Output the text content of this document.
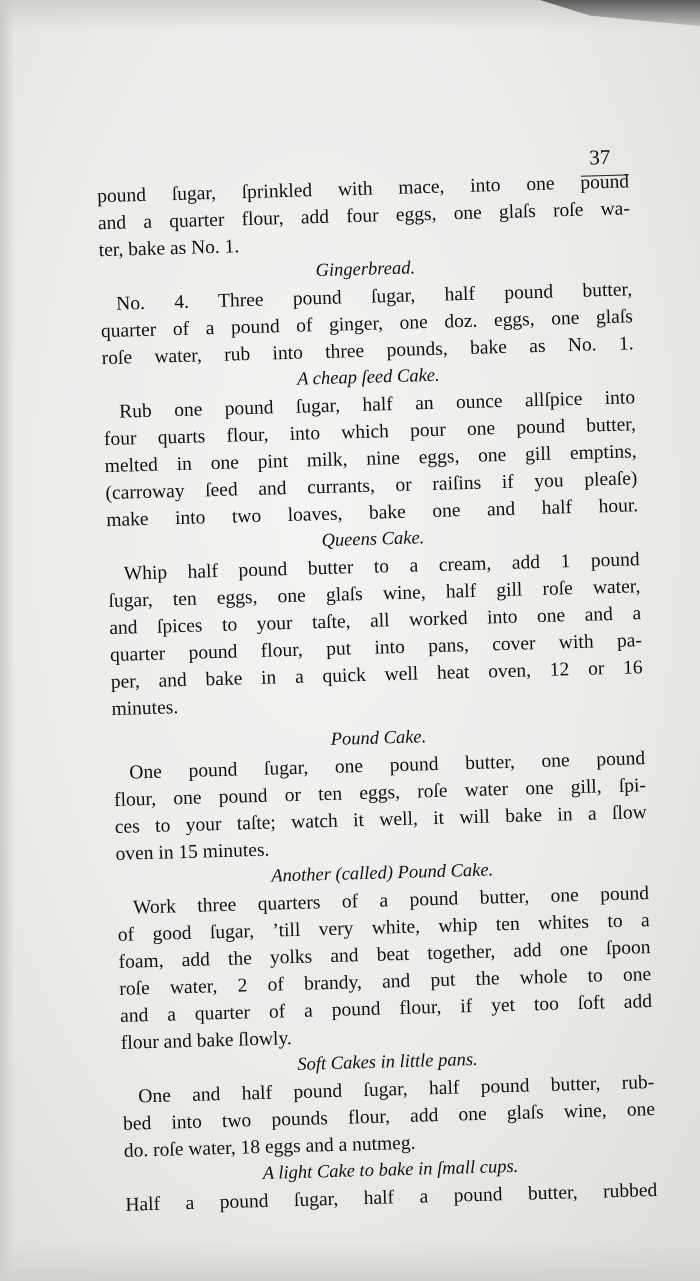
37

pound ſugar, ſprinkled with mace, into one pound
and a quarter flour, add four eggs, one glaſs roſe wa-
ter, bake as No. 1.
Gingerbread.
No. 4. Three pound ſugar, half pound butter,
quarter of a pound of ginger, one doz. eggs, one glaſs
roſe water, rub into three pounds, bake as No. 1.
A cheap ſeed Cake.
Rub one pound ſugar, half an ounce allſpice into
four quarts flour, into which pour one pound butter,
melted in one pint milk, nine eggs, one gill emptins,
(carroway ſeed and currants, or raiſins if you pleaſe)
make into two loaves, bake one and half hour.
Queens Cake.
Whip half pound butter to a cream, add 1 pound
ſugar, ten eggs, one glaſs wine, half gill roſe water,
and ſpices to your taſte, all worked into one and a
quarter pound flour, put into pans, cover with pa-
per, and bake in a quick well heat oven, 12 or 16
minutes.
Pound Cake.
One pound ſugar, one pound butter, one pound
flour, one pound or ten eggs, roſe water one gill, ſpi-
ces to your taſte; watch it well, it will bake in a ſlow
oven in 15 minutes.
Another (called) Pound Cake.
Work three quarters of a pound butter, one pound
of good ſugar, ’till very white, whip ten whites to a
foam, add the yolks and beat together, add one ſpoon
roſe water, 2 of brandy, and put the whole to one
and a quarter of a pound flour, if yet too ſoft add
flour and bake ſlowly.
Soft Cakes in little pans.
One and half pound ſugar, half pound butter, rub-
bed into two pounds flour, add one glaſs wine, one
do. roſe water, 18 eggs and a nutmeg.
A light Cake to bake in ſmall cups.
Half a pound ſugar, half a pound butter, rubbed
